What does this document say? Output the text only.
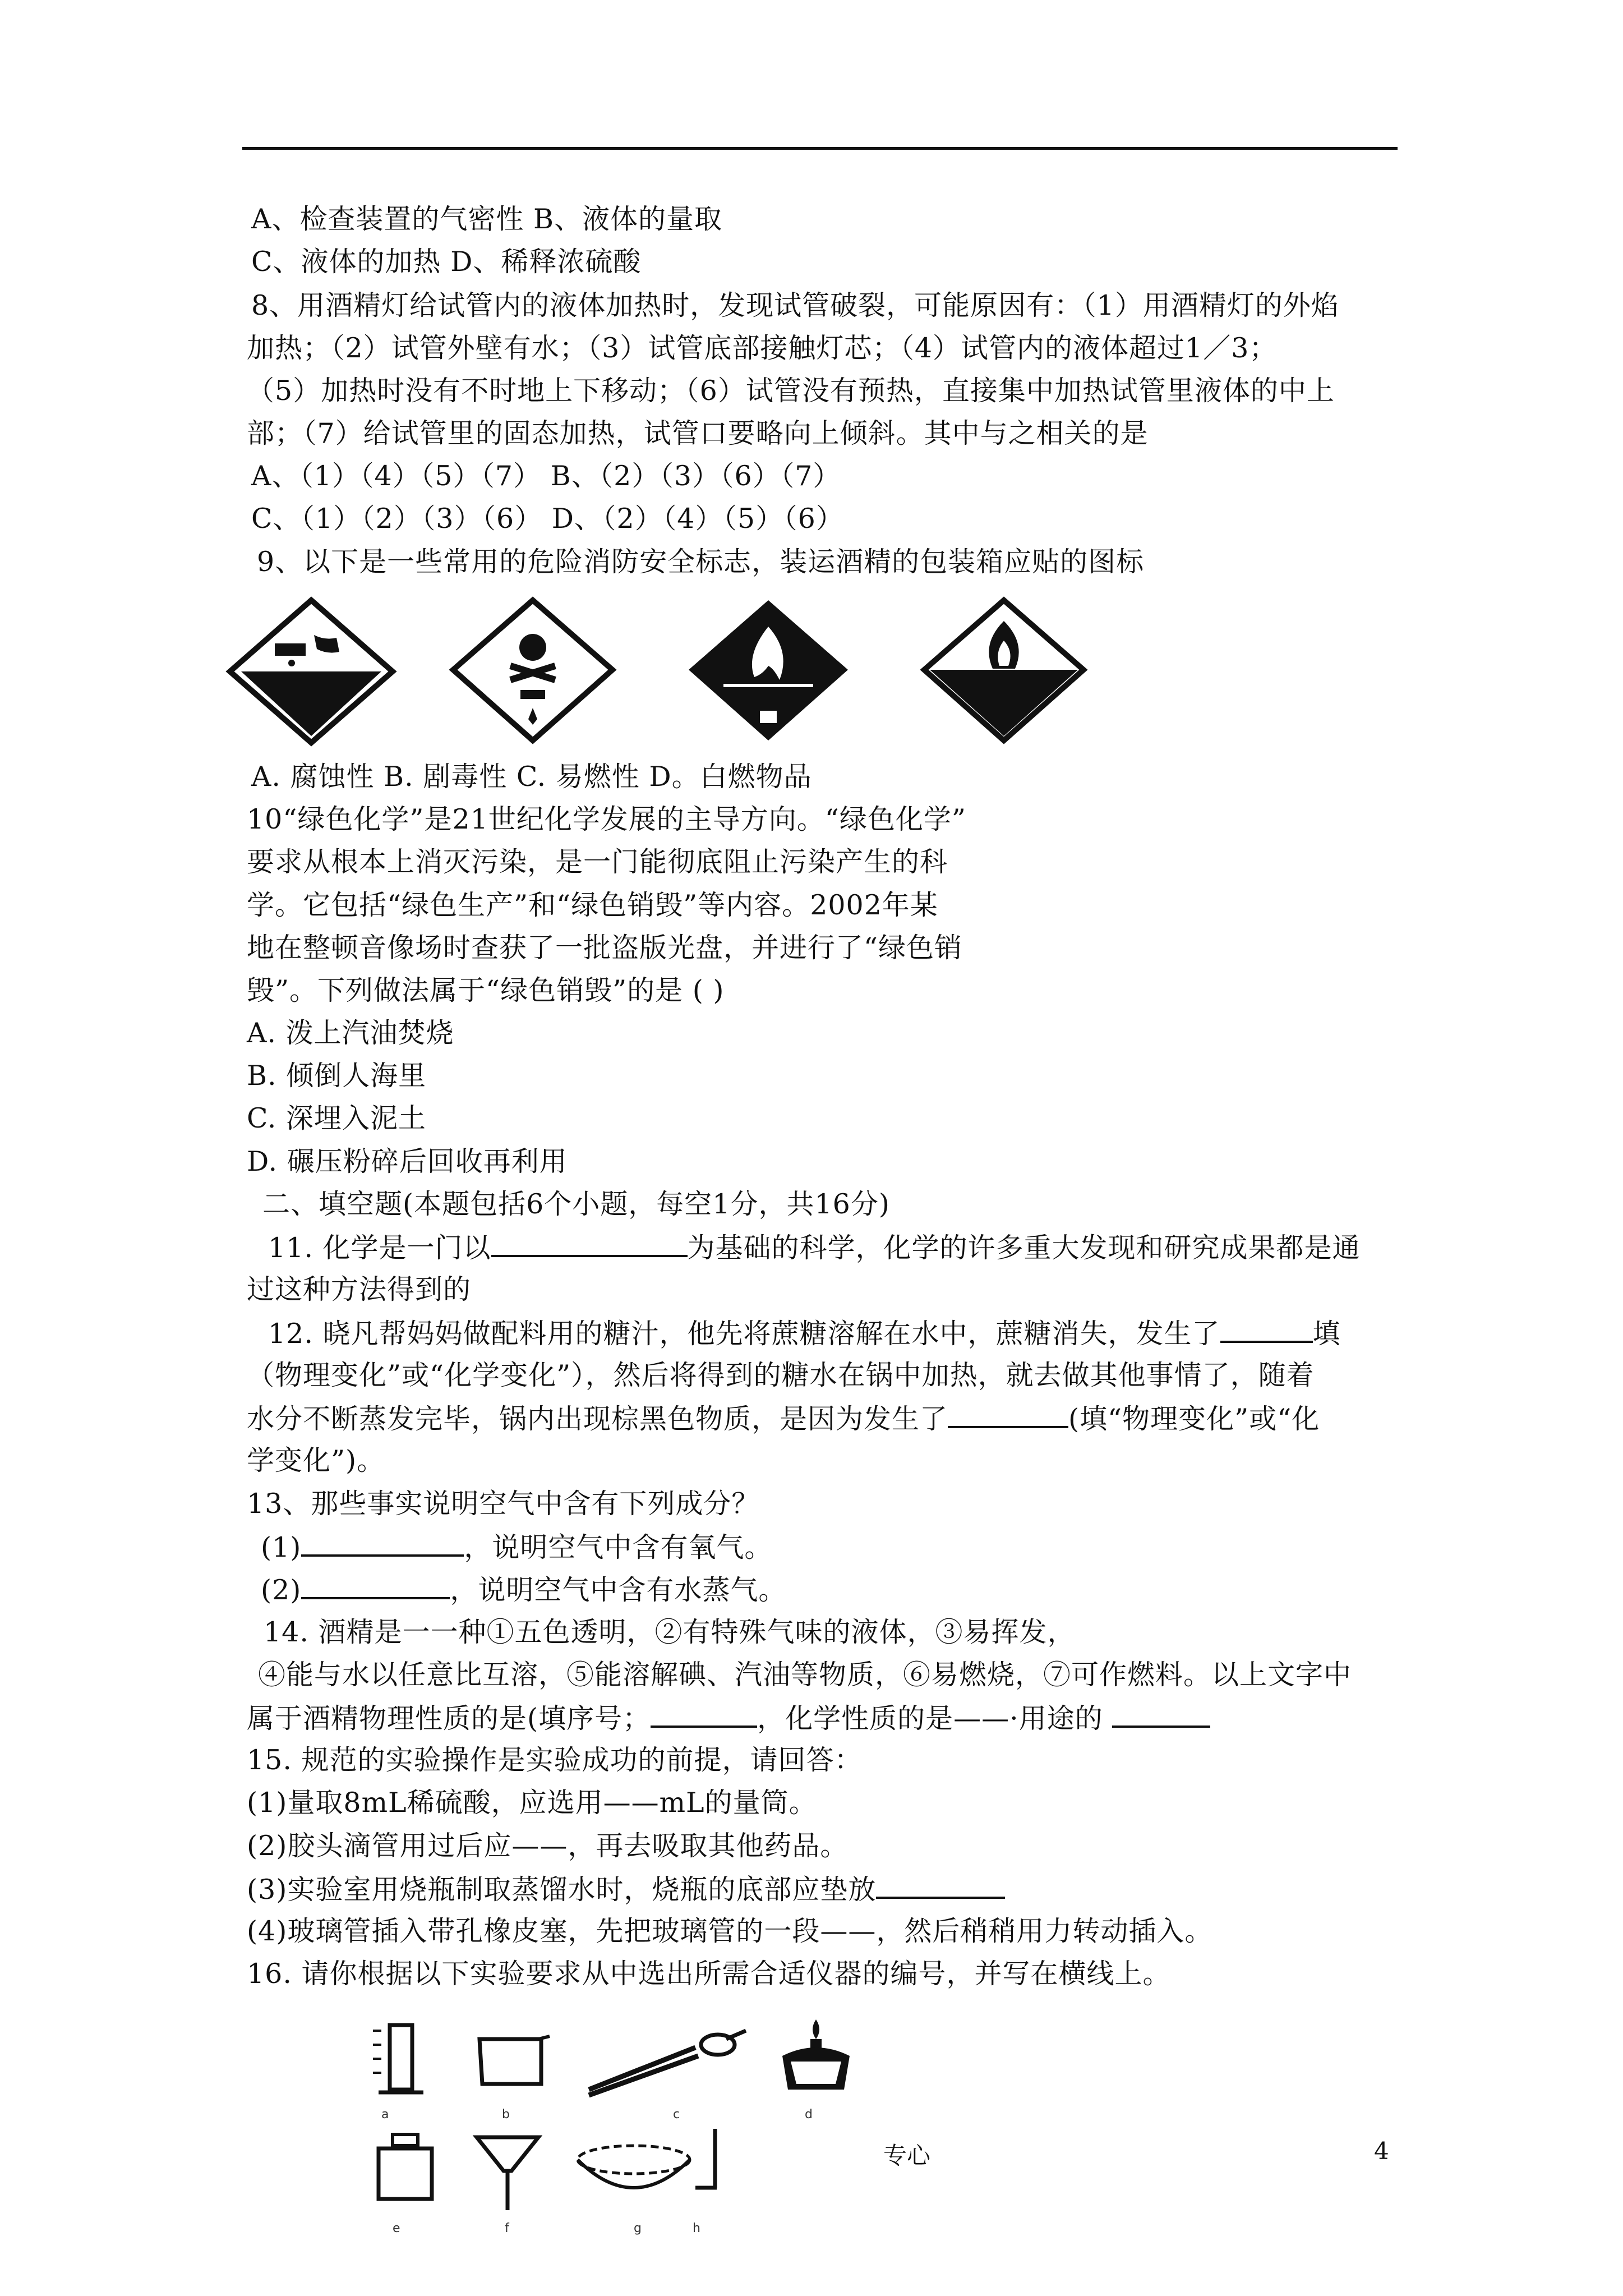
A、检查装置的气密性 B、液体的量取
C、液体的加热 D、稀释浓硫酸
8、用酒精灯给试管内的液体加热时，发现试管破裂，可能原因有：（1）用酒精灯的外焰
加热；（2）试管外壁有水；（3）试管底部接触灯芯；（4）试管内的液体超过1／3；
（5）加热时没有不时地上下移动；（6）试管没有预热，直接集中加热试管里液体的中上
部；（7）给试管里的固态加热，试管口要略向上倾斜。其中与之相关的是
A、（1）（4）（5）（7） B、（2）（3）（6）（7）
C、（1）（2）（3）（6） D、（2）（4）（5）（6）
9、以下是一些常用的危险消防安全标志，装运酒精的包装箱应贴的图标
A. 腐蚀性 B. 剧毒性 C. 易燃性 D。白燃物品
10“绿色化学”是21世纪化学发展的主导方向。“绿色化学”
要求从根本上消灭污染，是一门能彻底阻止污染产生的科
学。它包括“绿色生产”和“绿色销毁”等内容。2002年某
地在整顿音像场时查获了一批盗版光盘，并进行了“绿色销
毁”。下列做法属于“绿色销毁”的是 ( )
A. 泼上汽油焚烧
B. 倾倒人海里
C. 深埋入泥土
D. 碾压粉碎后回收再利用
二、填空题(本题包括6个小题，每空1分，共16分)
11. 化学是一门以	为基础的科学，化学的许多重大发现和研究成果都是通
过这种方法得到的
12. 晓凡帮妈妈做配料用的糖汁，他先将蔗糖溶解在水中，蔗糖消失，发生了	填
（物理变化”或“化学变化”），然后将得到的糖水在锅中加热，就去做其他事情了，随着
水分不断蒸发完毕，锅内出现棕黑色物质，是因为发生了	(填“物理变化”或“化
学变化”)。
13、那些事实说明空气中含有下列成分？
(1)	，说明空气中含有氧气。
(2)	，说明空气中含有水蒸气。
14. 酒精是一一种①五色透明，②有特殊气味的液体，③易挥发，
④能与水以任意比互溶，⑤能溶解碘、汽油等物质，⑥易燃烧，⑦可作燃料。以上文字中
属于酒精物理性质的是(填序号；	，化学性质的是——·用途的
15. 规范的实验操作是实验成功的前提，请回答：
(1)量取8mL稀硫酸，应选用——mL的量筒。
(2)胶头滴管用过后应——，再去吸取其他药品。
(3)实验室用烧瓶制取蒸馏水时，烧瓶的底部应垫放
(4)玻璃管插入带孔橡皮塞，先把玻璃管的一段——，然后稍稍用力转动插入。
16. 请你根据以下实验要求从中选出所需合适仪器的编号，并写在横线上。
a	b	c	d
e	f	g	h
专心	4
